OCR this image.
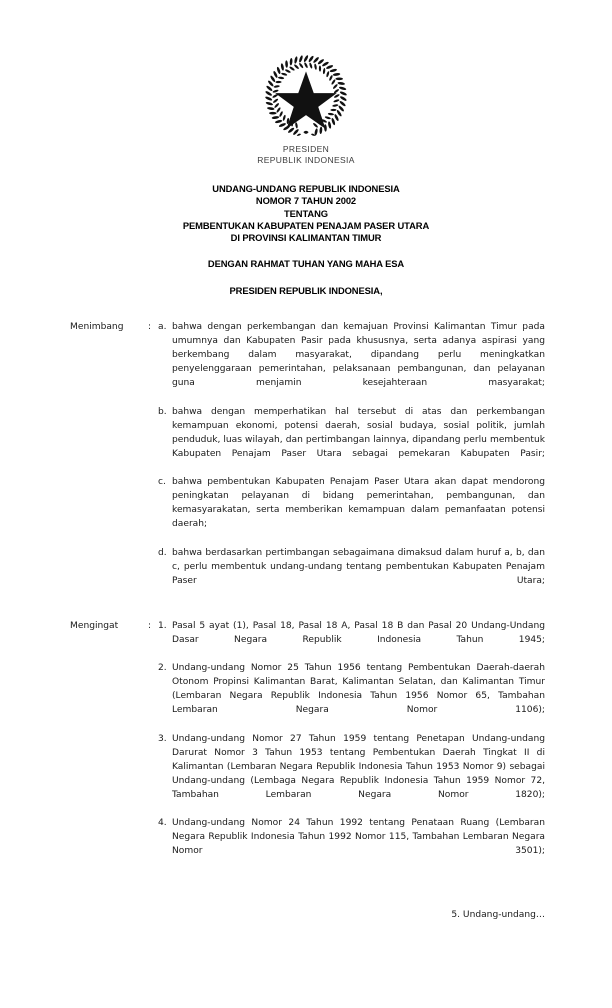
PRESIDEN
REPUBLIK INDONESIA
UNDANG-UNDANG REPUBLIK INDONESIA
NOMOR 7 TAHUN 2002
TENTANG
PEMBENTUKAN KABUPATEN PENAJAM PASER UTARA
DI PROVINSI KALIMANTAN TIMUR
DENGAN RAHMAT TUHAN YANG MAHA ESA
PRESIDEN REPUBLIK INDONESIA,
Menimbang	: a. bahwa dengan perkembangan dan kemajuan Provinsi Kalimantan Timur pada umumnya dan Kabupaten Pasir pada khususnya, serta adanya aspirasi yang berkembang dalam masyarakat, dipandang perlu meningkatkan penyelenggaraan pemerintahan, pelaksanaan pembangunan, dan pelayanan guna menjamin kesejahteraan masyarakat;
b. bahwa dengan memperhatikan hal tersebut di atas dan perkembangan kemampuan ekonomi, potensi daerah, sosial budaya, sosial politik, jumlah penduduk, luas wilayah, dan pertimbangan lainnya, dipandang perlu membentuk Kabupaten Penajam Paser Utara sebagai pemekaran Kabupaten Pasir;
c. bahwa pembentukan Kabupaten Penajam Paser Utara akan dapat mendorong peningkatan pelayanan di bidang pemerintahan, pembangunan, dan kemasyarakatan, serta memberikan kemampuan dalam pemanfaatan potensi daerah;
d. bahwa berdasarkan pertimbangan sebagaimana dimaksud dalam huruf a, b, dan c, perlu membentuk undang-undang tentang pembentukan Kabupaten Penajam Paser Utara;
Mengingat	: 1. Pasal 5 ayat (1), Pasal 18, Pasal 18 A, Pasal 18 B dan Pasal 20 Undang-Undang Dasar Negara Republik Indonesia Tahun 1945;
2. Undang-undang Nomor 25 Tahun 1956 tentang Pembentukan Daerah-daerah Otonom Propinsi Kalimantan Barat, Kalimantan Selatan, dan Kalimantan Timur (Lembaran Negara Republik Indonesia Tahun 1956 Nomor 65, Tambahan Lembaran Negara Nomor 1106);
3. Undang-undang Nomor 27 Tahun 1959 tentang Penetapan Undang-undang Darurat Nomor 3 Tahun 1953 tentang Pembentukan Daerah Tingkat II di Kalimantan (Lembaran Negara Republik Indonesia Tahun 1953 Nomor 9) sebagai Undang-undang (Lembaga Negara Republik Indonesia Tahun 1959 Nomor 72, Tambahan Lembaran Negara Nomor 1820);
4. Undang-undang Nomor 24 Tahun 1992 tentang Penataan Ruang (Lembaran Negara Republik Indonesia Tahun 1992 Nomor 115, Tambahan Lembaran Negara Nomor 3501);
5. Undang-undang…
